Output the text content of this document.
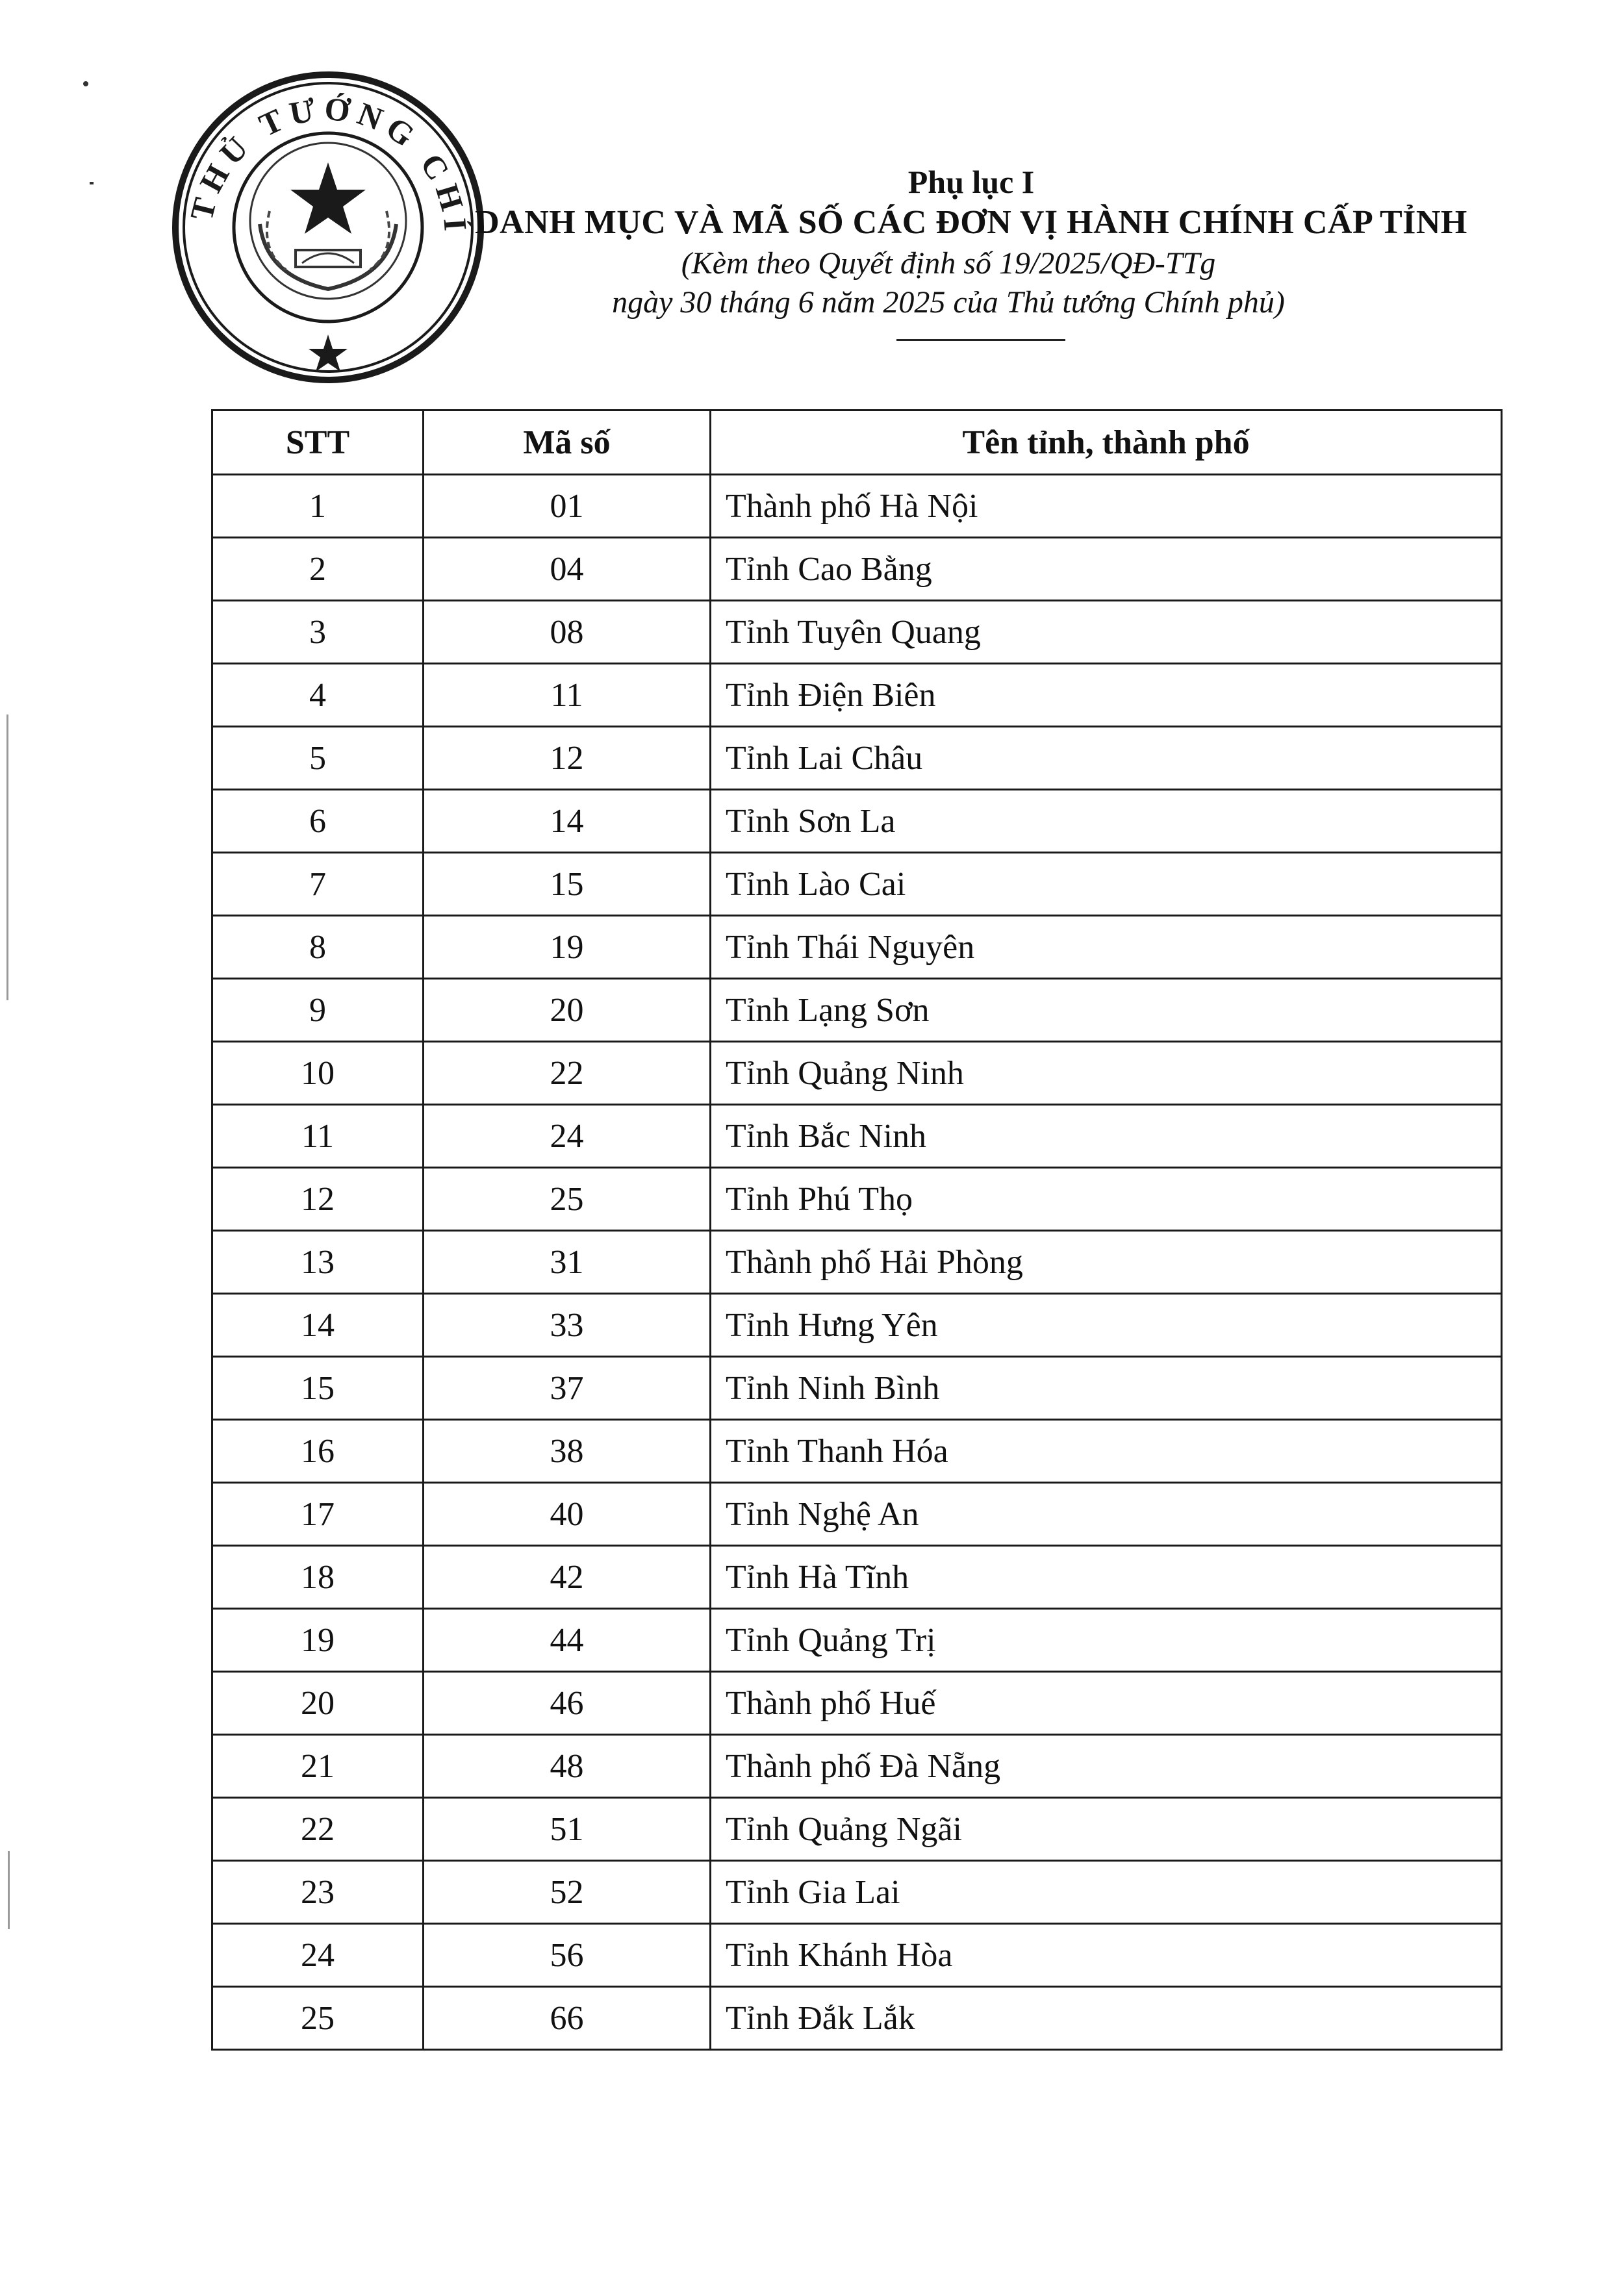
THỦ TƯỚNG CHÍ
Phụ lục I
DANH MỤC VÀ MÃ SỐ CÁC ĐƠN VỊ HÀNH CHÍNH CẤP TỈNH
(Kèm theo Quyết định số 19/2025/QĐ-TTg
ngày 30 tháng 6 năm 2025 của Thủ tướng Chính phủ)
STT	Mã số	Tên tỉnh, thành phố
1	01	Thành phố Hà Nội
2	04	Tỉnh Cao Bằng
3	08	Tỉnh Tuyên Quang
4	11	Tỉnh Điện Biên
5	12	Tỉnh Lai Châu
6	14	Tỉnh Sơn La
7	15	Tỉnh Lào Cai
8	19	Tỉnh Thái Nguyên
9	20	Tỉnh Lạng Sơn
10	22	Tỉnh Quảng Ninh
11	24	Tỉnh Bắc Ninh
12	25	Tỉnh Phú Thọ
13	31	Thành phố Hải Phòng
14	33	Tỉnh Hưng Yên
15	37	Tỉnh Ninh Bình
16	38	Tỉnh Thanh Hóa
17	40	Tỉnh Nghệ An
18	42	Tỉnh Hà Tĩnh
19	44	Tỉnh Quảng Trị
20	46	Thành phố Huế
21	48	Thành phố Đà Nẵng
22	51	Tỉnh Quảng Ngãi
23	52	Tỉnh Gia Lai
24	56	Tỉnh Khánh Hòa
25	66	Tỉnh Đắk Lắk
